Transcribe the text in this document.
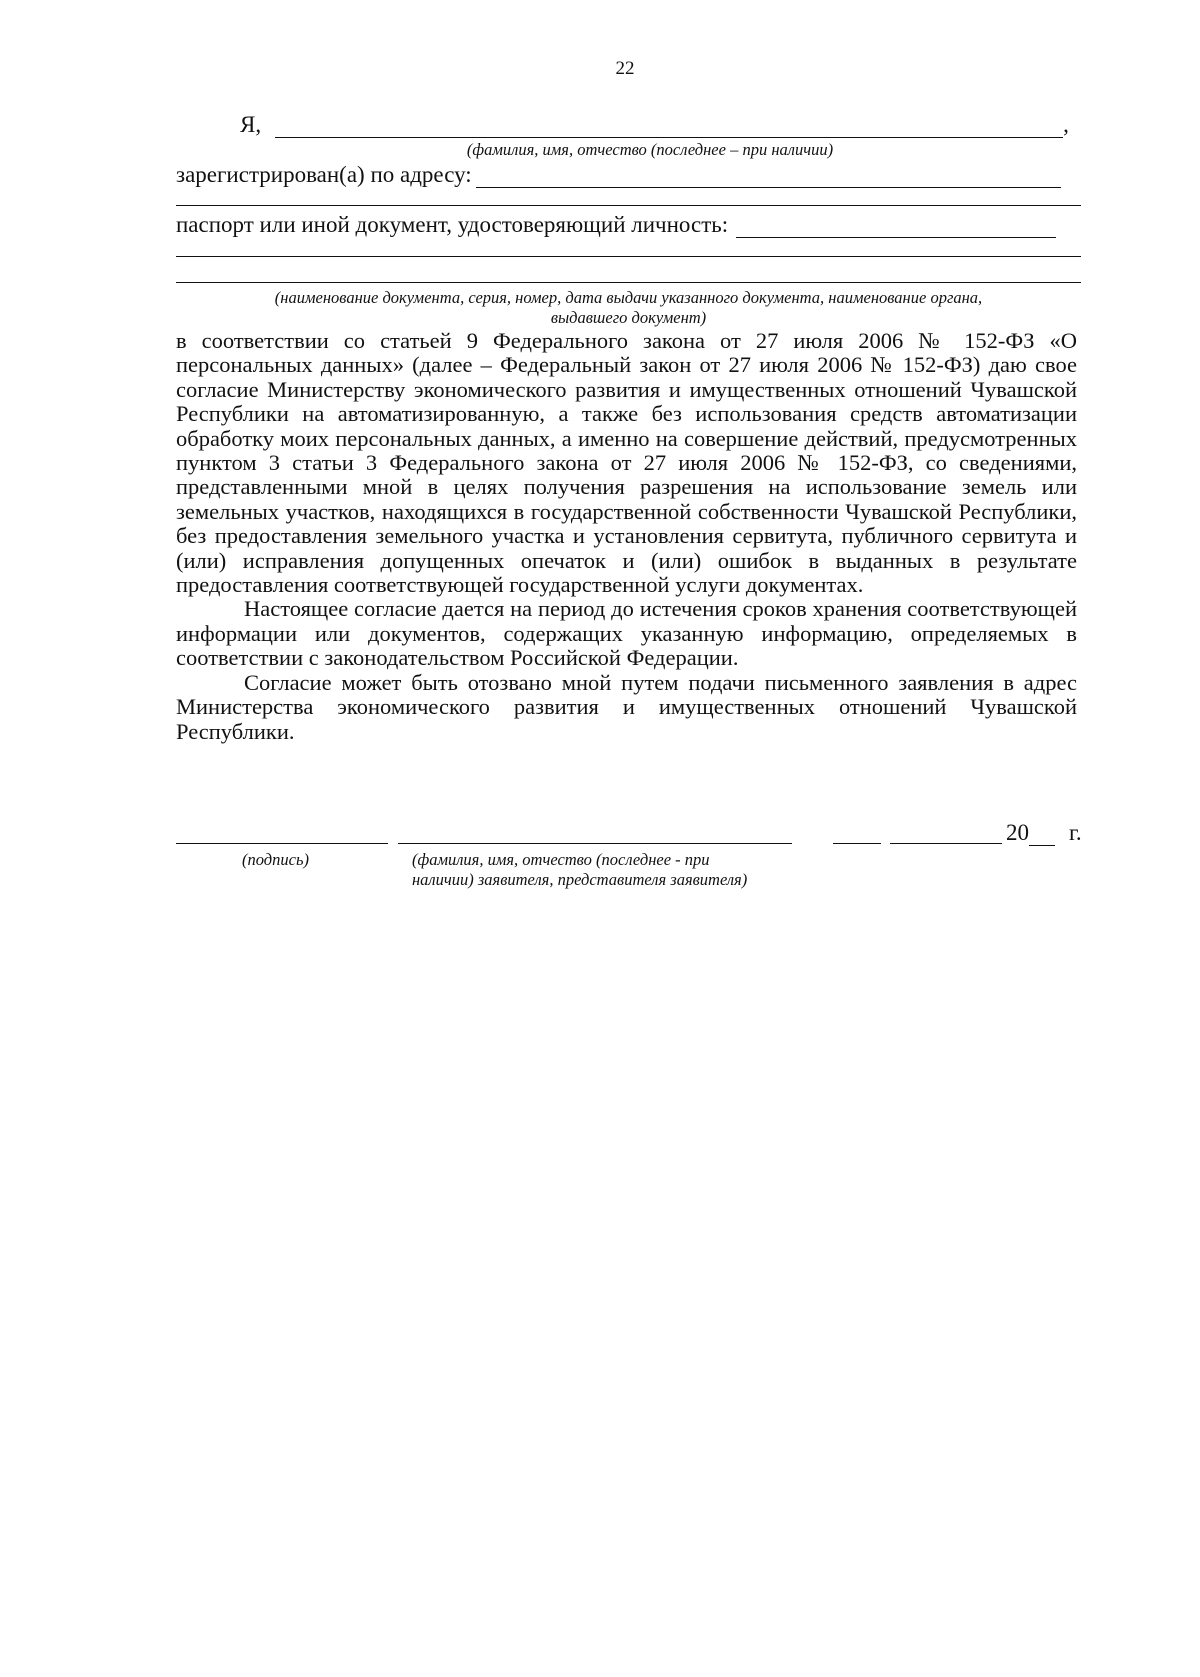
22
Я,	,
(фамилия, имя, отчество (последнее – при наличии)
зарегистрирован(а) по адресу:
паспорт или иной документ, удостоверяющий личность:
(наименование документа, серия, номер, дата выдачи указанного документа, наименование органа,
выдавшего документ)

в соответствии со статьей 9 Федерального закона от 27 июля 2006 № 152-ФЗ «О персональных данных» (далее – Федеральный закон от 27 июля 2006 № 152-ФЗ) даю свое согласие Министерству экономического развития и имущественных отношений Чувашской Республики на автоматизированную, а также без использования средств автоматизации обработку моих персональных данных, а именно на совершение действий, предусмотренных пунктом 3 статьи 3 Федерального закона от 27 июля 2006 № 152-ФЗ, со сведениями, представленными мной в целях получения разрешения на использование земель или земельных участков, находящихся в государственной собственности Чувашской Республики, без предоставления земельного участка и установления сервитута, публичного сервитута и (или) исправления допущенных опечаток и (или) ошибок в выданных в результате предоставления соответствующей государственной услуги документах.

Настоящее согласие дается на период до истечения сроков хранения соответствующей информации или документов, содержащих указанную информацию, определяемых в соответствии с законодательством Российской Федерации.

Согласие может быть отозвано мной путем подачи письменного заявления в адрес Министерства экономического развития и имущественных отношений Чувашской Республики.

20 г.
(подпись)	(фамилия, имя, отчество (последнее - при
наличии) заявителя, представителя заявителя)
